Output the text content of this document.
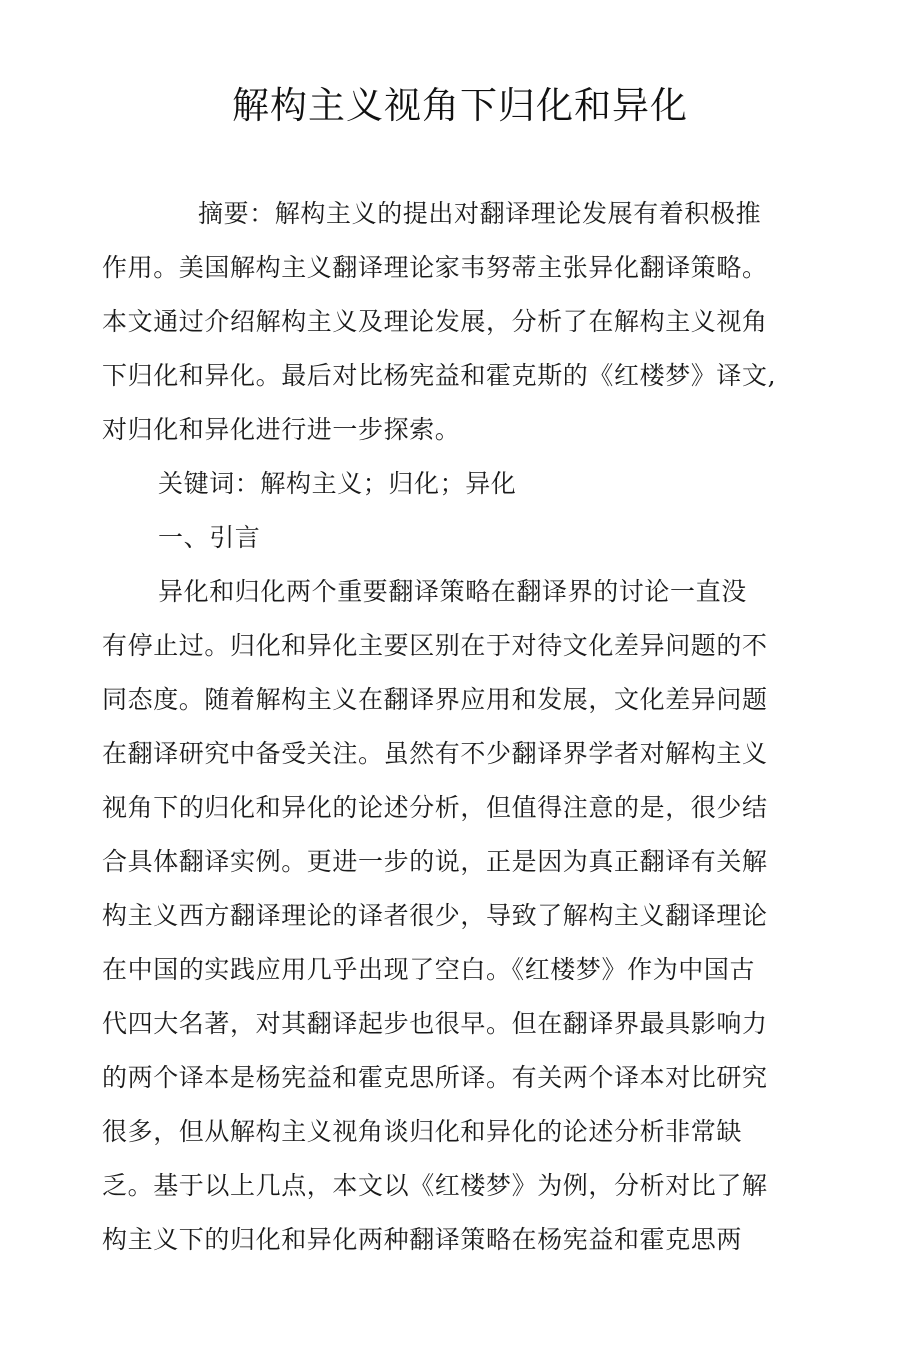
解构主义视角下归化和异化
摘要：解构主义的提出对翻译理论发展有着积极推
作用。美国解构主义翻译理论家韦努蒂主张异化翻译策略。
本文通过介绍解构主义及理论发展，分析了在解构主义视角
下归化和异化。最后对比杨宪益和霍克斯的《红楼梦》译文,
对归化和异化进行进一步探索。
关键词：解构主义；归化；异化
一、引言
异化和归化两个重要翻译策略在翻译界的讨论一直没
有停止过。归化和异化主要区别在于对待文化差异问题的不
同态度。随着解构主义在翻译界应用和发展，文化差异问题
在翻译研究中备受关注。虽然有不少翻译界学者对解构主义
视角下的归化和异化的论述分析，但值得注意的是，很少结
合具体翻译实例。更进一步的说，正是因为真正翻译有关解
构主义西方翻译理论的译者很少，导致了解构主义翻译理论
在中国的实践应用几乎出现了空白。《红楼梦》作为中国古
代四大名著，对其翻译起步也很早。但在翻译界最具影响力
的两个译本是杨宪益和霍克思所译。有关两个译本对比研究
很多，但从解构主义视角谈归化和异化的论述分析非常缺
乏。基于以上几点，本文以《红楼梦》为例，分析对比了解
构主义下的归化和异化两种翻译策略在杨宪益和霍克思两
